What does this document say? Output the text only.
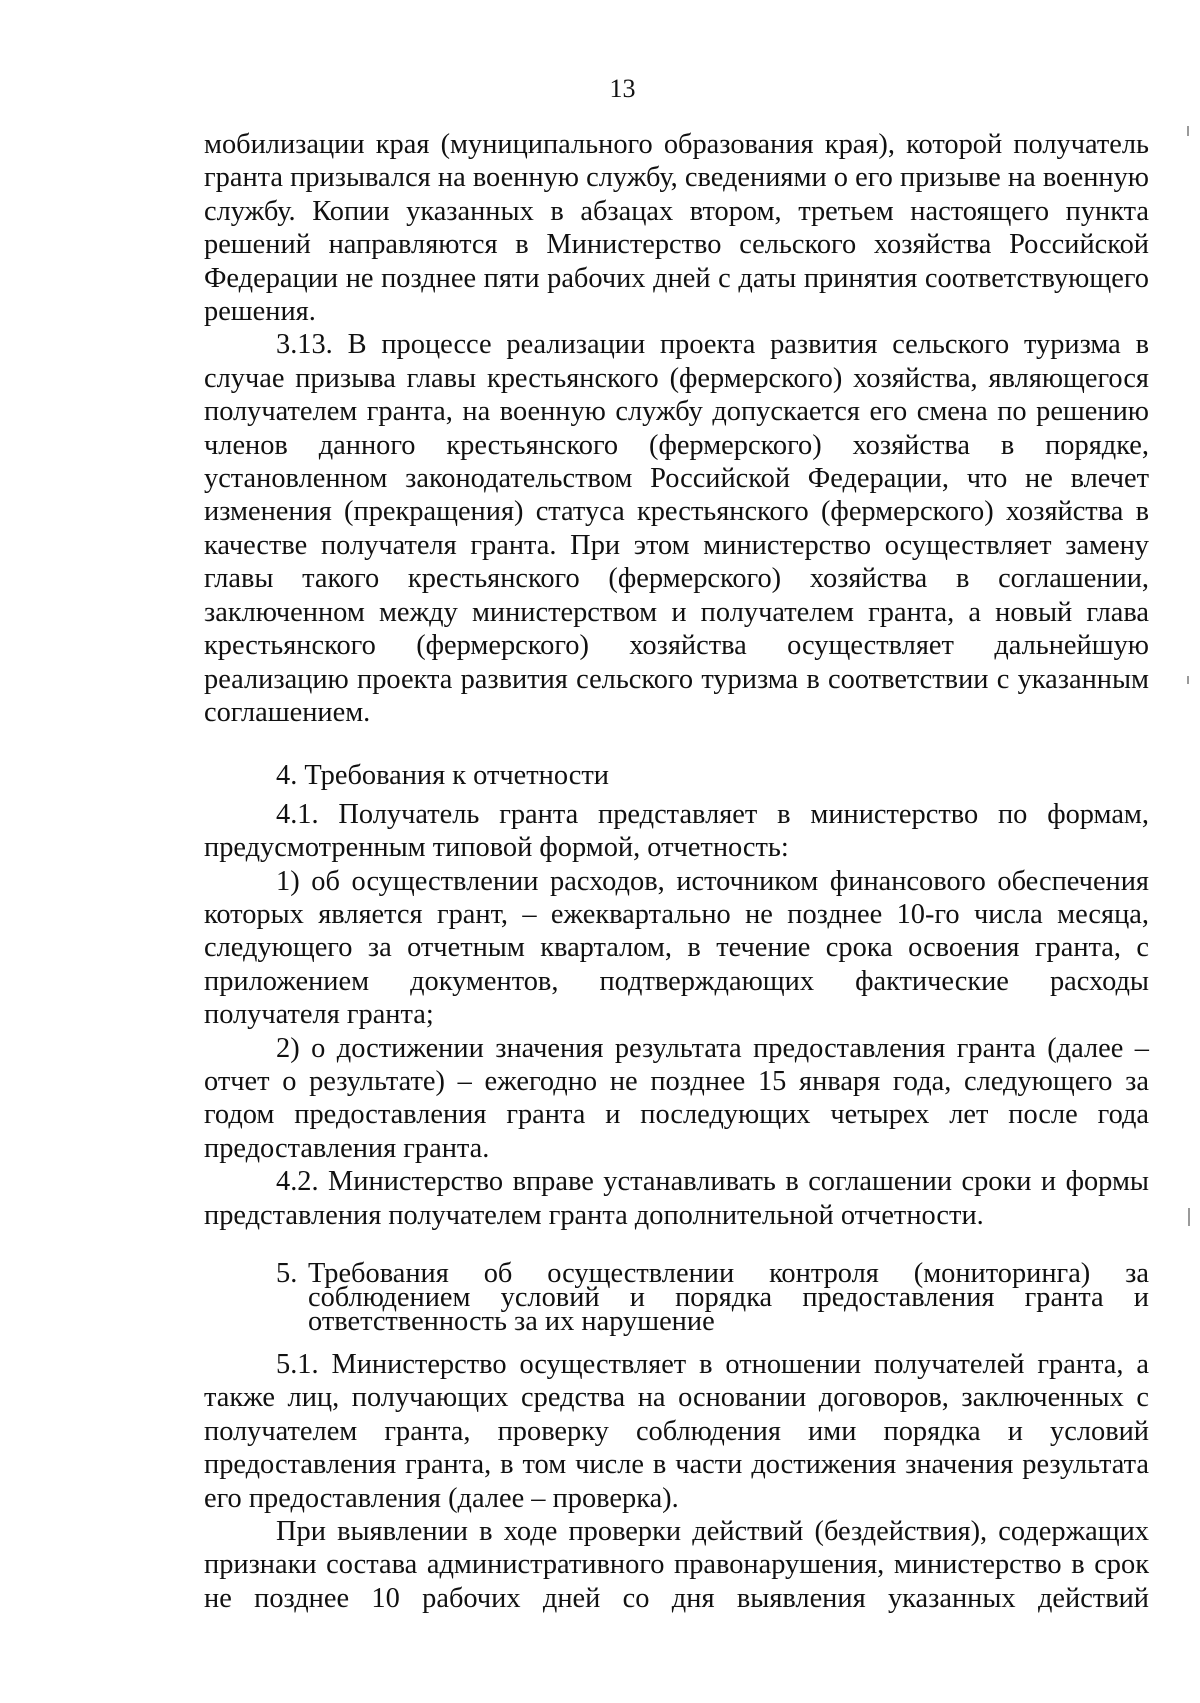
13

мобилизации края (муниципального образования края), которой получатель гранта призывался на военную службу, сведениями о его призыве на военную службу. Копии указанных в абзацах втором, третьем настоящего пункта решений направляются в Министерство сельского хозяйства Российской Федерации не позднее пяти рабочих дней с даты принятия соответствующего решения.

3.13. В процессе реализации проекта развития сельского туризма в случае призыва главы крестьянского (фермерского) хозяйства, являющегося получателем гранта, на военную службу допускается его смена по решению членов данного крестьянского (фермерского) хозяйства в порядке, установленном законодательством Российской Федерации, что не влечет изменения (прекращения) статуса крестьянского (фермерского) хозяйства в качестве получателя гранта. При этом министерство осуществляет замену главы такого крестьянского (фермерского) хозяйства в соглашении, заключенном между министерством и получателем гранта, а новый глава крестьянского (фермерского) хозяйства осуществляет дальнейшую реализацию проекта развития сельского туризма в соответствии с указанным соглашением.

4. Требования к отчетности

4.1. Получатель гранта представляет в министерство по формам, предусмотренным типовой формой, отчетность:

1) об осуществлении расходов, источником финансового обеспечения которых является грант, – ежеквартально не позднее 10-го числа месяца, следующего за отчетным кварталом, в течение срока освоения гранта, с приложением документов, подтверждающих фактические расходы получателя гранта;

2) о достижении значения результата предоставления гранта (далее – отчет о результате) – ежегодно не позднее 15 января года, следующего за годом предоставления гранта и последующих четырех лет после года предоставления гранта.

4.2. Министерство вправе устанавливать в соглашении сроки и формы представления получателем гранта дополнительной отчетности.

5. Требования об осуществлении контроля (мониторинга) за
соблюдением условий и порядка предоставления гранта и
ответственность за их нарушение

5.1. Министерство осуществляет в отношении получателей гранта, а также лиц, получающих средства на основании договоров, заключенных с получателем гранта, проверку соблюдения ими порядка и условий предоставления гранта, в том числе в части достижения значения результата его предоставления (далее – проверка).

При выявлении в ходе проверки действий (бездействия), содержащих признаки состава административного правонарушения, министерство в срок не позднее 10 рабочих дней со дня выявления указанных действий
